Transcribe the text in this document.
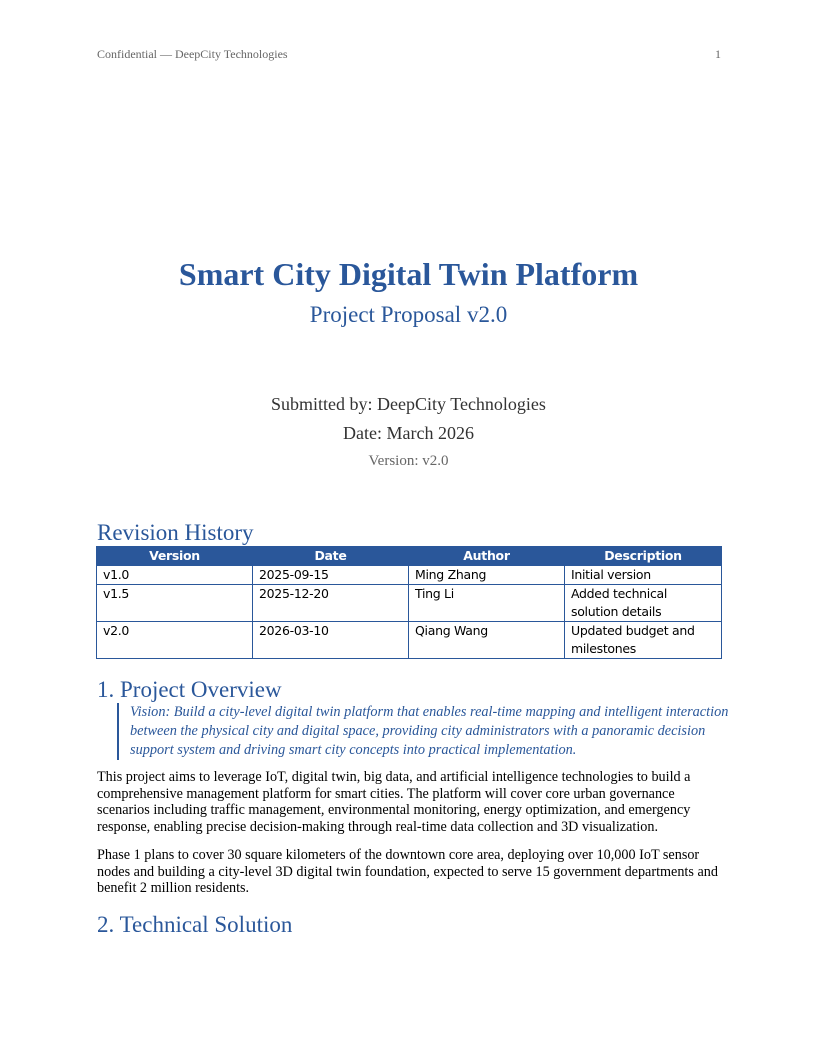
Confidential — DeepCity Technologies	1
Smart City Digital Twin Platform
Project Proposal v2.0
Submitted by: DeepCity Technologies
Date: March 2026
Version: v2.0
Revision History
Version	Date	Author	Description
v1.0	2025-09-15	Ming Zhang	Initial version
v1.5	2025-12-20	Ting Li	Added technical solution details
v2.0	2026-03-10	Qiang Wang	Updated budget and milestones
1. Project Overview
Vision: Build a city-level digital twin platform that enables real-time mapping and intelligent interaction between the physical city and digital space, providing city administrators with a panoramic decision support system and driving smart city concepts into practical implementation.
This project aims to leverage IoT, digital twin, big data, and artificial intelligence technologies to build a comprehensive management platform for smart cities. The platform will cover core urban governance scenarios including traffic management, environmental monitoring, energy optimization, and emergency response, enabling precise decision-making through real-time data collection and 3D visualization.
Phase 1 plans to cover 30 square kilometers of the downtown core area, deploying over 10,000 IoT sensor nodes and building a city-level 3D digital twin foundation, expected to serve 15 government departments and benefit 2 million residents.
2. Technical Solution
